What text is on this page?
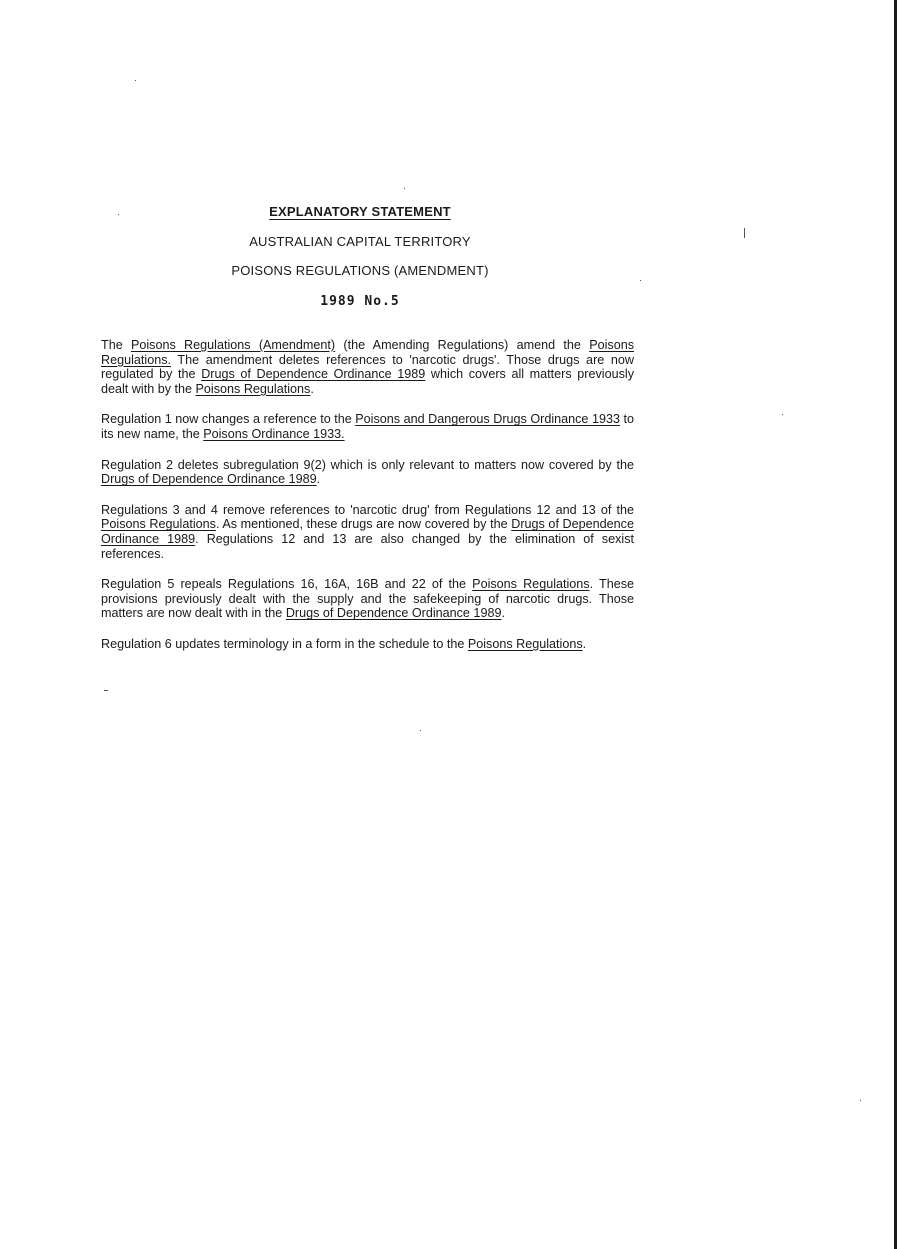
EXPLANATORY STATEMENT
AUSTRALIAN CAPITAL TERRITORY
POISONS REGULATIONS (AMENDMENT)
1989 No.5

The Poisons Regulations (Amendment) (the Amending Regulations) amend the Poisons Regulations. The amendment deletes references to 'narcotic drugs'. Those drugs are now regulated by the Drugs of Dependence Ordinance 1989 which covers all matters previously dealt with by the Poisons Regulations.

Regulation 1 now changes a reference to the Poisons and Dangerous Drugs Ordinance 1933 to its new name, the Poisons Ordinance 1933.

Regulation 2 deletes subregulation 9(2) which is only relevant to matters now covered by the Drugs of Dependence Ordinance 1989.

Regulations 3 and 4 remove references to 'narcotic drug' from Regulations 12 and 13 of the Poisons Regulations. As mentioned, these drugs are now covered by the Drugs of Dependence Ordinance 1989. Regulations 12 and 13 are also changed by the elimination of sexist references.

Regulation 5 repeals Regulations 16, 16A, 16B and 22 of the Poisons Regulations. These provisions previously dealt with the supply and the safekeeping of narcotic drugs. Those matters are now dealt with in the Drugs of Dependence Ordinance 1989.

Regulation 6 updates terminology in a form in the schedule to the Poisons Regulations.
